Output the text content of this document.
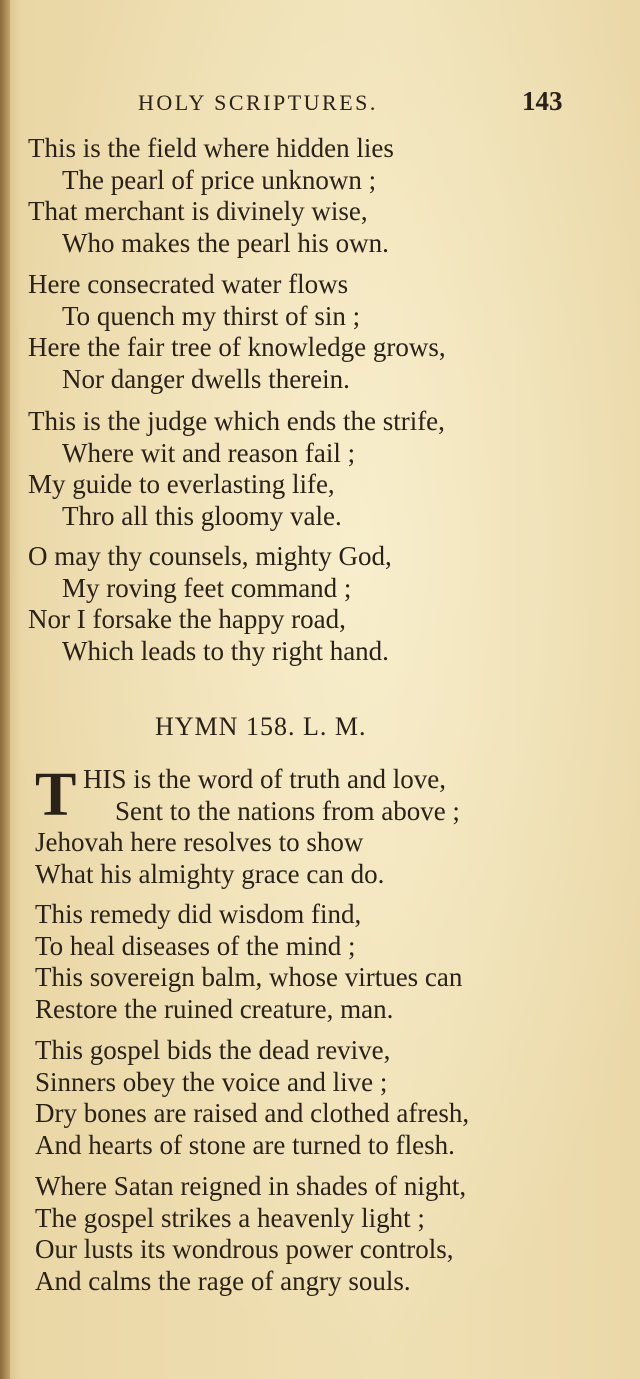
HOLY SCRIPTURES.	143
This is the field where hidden lies
The pearl of price unknown ;
That merchant is divinely wise,
Who makes the pearl his own.
Here consecrated water flows
To quench my thirst of sin ;
Here the fair tree of knowledge grows,
Nor danger dwells therein.
This is the judge which ends the strife,
Where wit and reason fail ;
My guide to everlasting life,
Thro all this gloomy vale.
O may thy counsels, mighty God,
My roving feet command ;
Nor I forsake the happy road,
Which leads to thy right hand.
HYMN 158. L. M.
T HIS is the word of truth and love,
Sent to the nations from above ;
Jehovah here resolves to show
What his almighty grace can do.
This remedy did wisdom find,
To heal diseases of the mind ;
This sovereign balm, whose virtues can
Restore the ruined creature, man.
This gospel bids the dead revive,
Sinners obey the voice and live ;
Dry bones are raised and clothed afresh,
And hearts of stone are turned to flesh.
Where Satan reigned in shades of night,
The gospel strikes a heavenly light ;
Our lusts its wondrous power controls,
And calms the rage of angry souls.
